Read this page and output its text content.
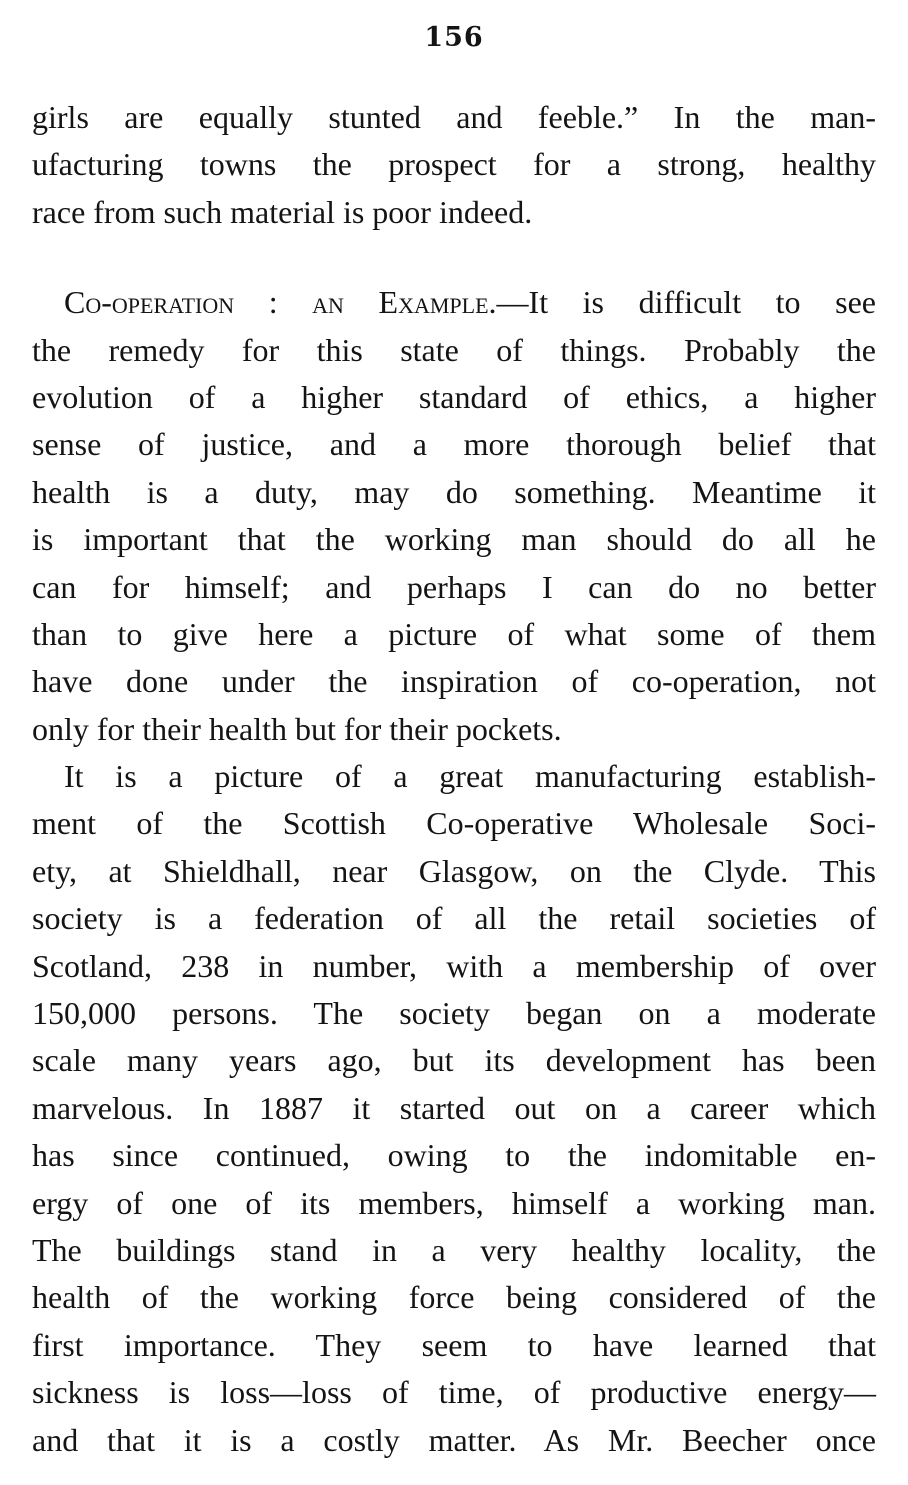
156

girls are equally stunted and feeble.” In the man-
ufacturing towns the prospect for a strong, healthy
race from such material is poor indeed.

Co-operation : an Example.—It is difficult to see
the remedy for this state of things. Probably the
evolution of a higher standard of ethics, a higher
sense of justice, and a more thorough belief that
health is a duty, may do something. Meantime it
is important that the working man should do all he
can for himself; and perhaps I can do no better
than to give here a picture of what some of them
have done under the inspiration of co-operation, not
only for their health but for their pockets.

It is a picture of a great manufacturing establish-
ment of the Scottish Co-operative Wholesale Soci-
ety, at Shieldhall, near Glasgow, on the Clyde. This
society is a federation of all the retail societies of
Scotland, 238 in number, with a membership of over
150,000 persons. The society began on a moderate
scale many years ago, but its development has been
marvelous. In 1887 it started out on a career which
has since continued, owing to the indomitable en-
ergy of one of its members, himself a working man.
The buildings stand in a very healthy locality, the
health of the working force being considered of the
first importance. They seem to have learned that
sickness is loss—loss of time, of productive energy—
and that it is a costly matter. As Mr. Beecher once
